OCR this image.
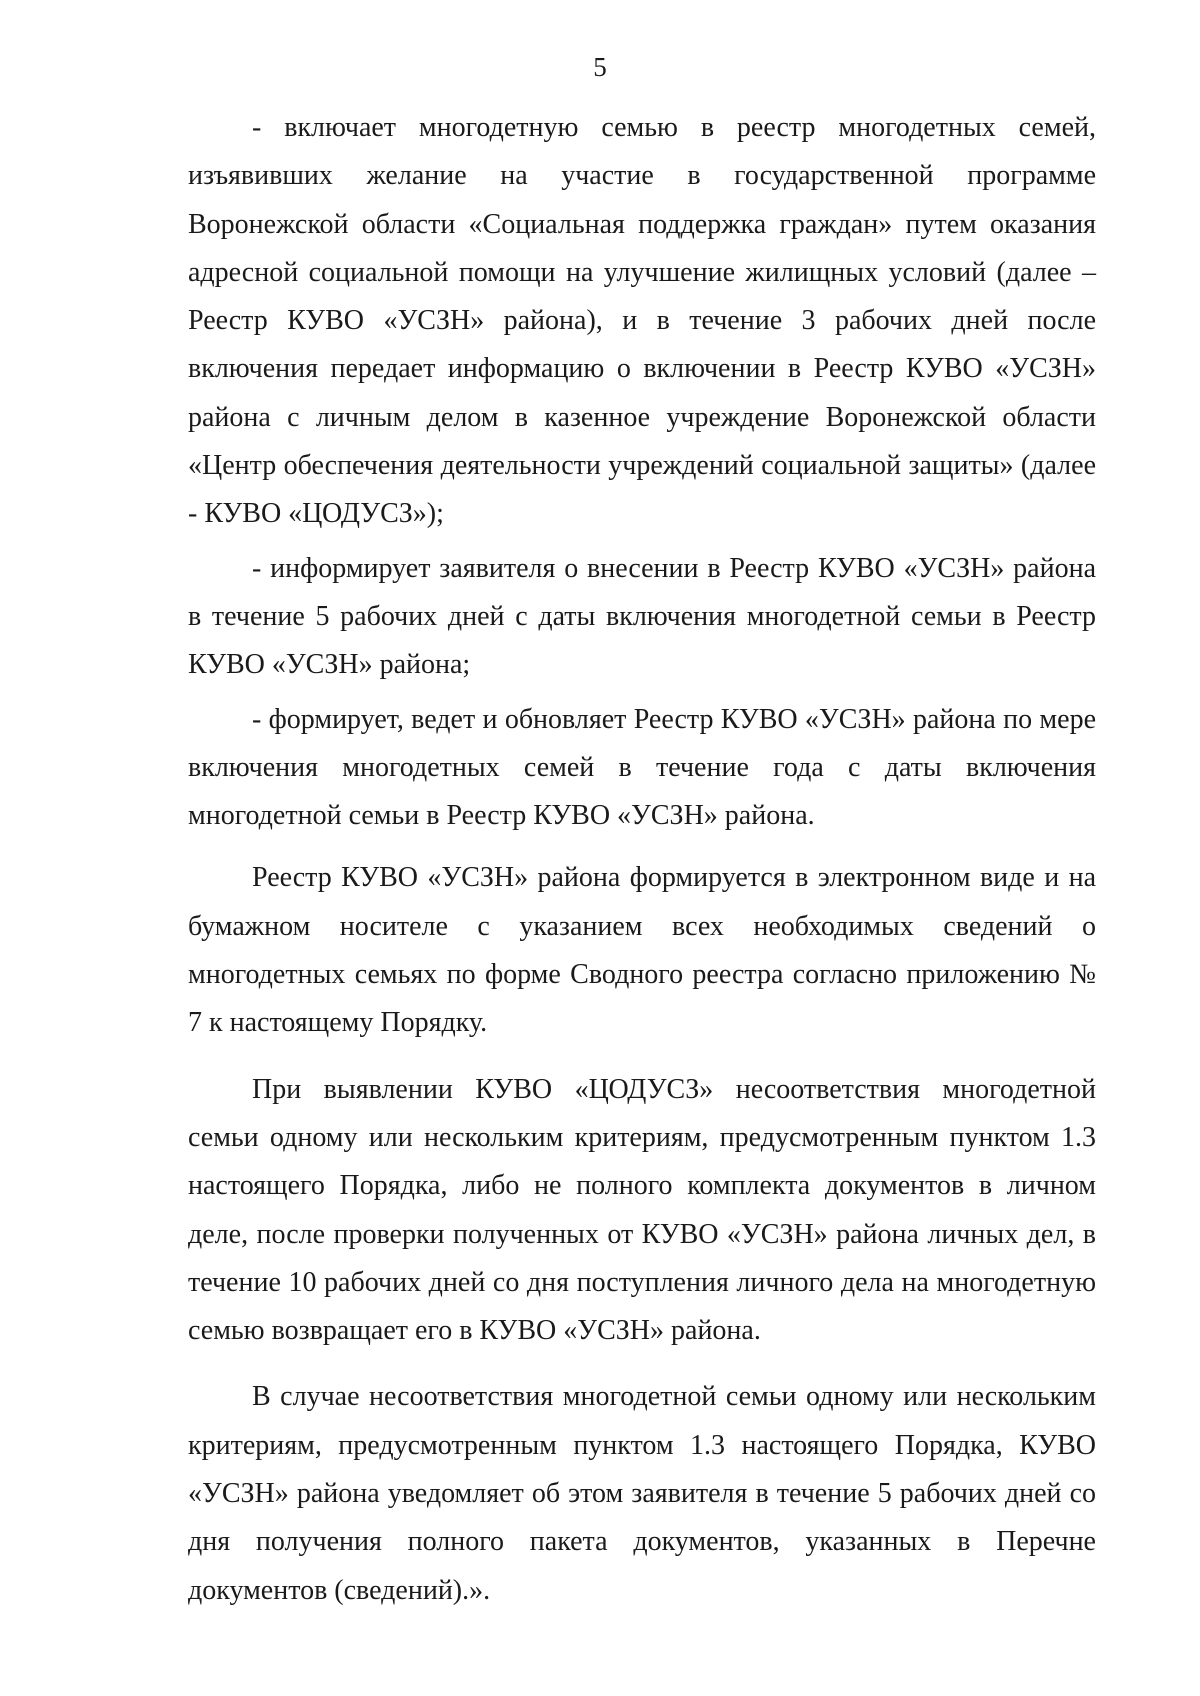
5

- включает многодетную семью в реестр многодетных семей, изъявивших желание на участие в государственной программе Воронежской области «Социальная поддержка граждан» путем оказания адресной социальной помощи на улучшение жилищных условий (далее – Реестр КУВО «УСЗН» района), и в течение 3 рабочих дней после включения передает информацию о включении в Реестр КУВО «УСЗН» района с личным делом в казенное учреждение Воронежской области «Центр обеспечения деятельности учреждений социальной защиты» (далее - КУВО «ЦОДУСЗ»);

- информирует заявителя о внесении в Реестр КУВО «УСЗН» района в течение 5 рабочих дней с даты включения многодетной семьи в Реестр КУВО «УСЗН» района;

- формирует, ведет и обновляет Реестр КУВО «УСЗН» района по мере включения многодетных семей в течение года с даты включения многодетной семьи в Реестр КУВО «УСЗН» района.

Реестр КУВО «УСЗН» района формируется в электронном виде и на бумажном носителе с указанием всех необходимых сведений о многодетных семьях по форме Сводного реестра согласно приложению № 7 к настоящему Порядку.

При выявлении КУВО «ЦОДУСЗ» несоответствия многодетной семьи одному или нескольким критериям, предусмотренным пунктом 1.3 настоящего Порядка, либо не полного комплекта документов в личном деле, после проверки полученных от КУВО «УСЗН» района личных дел, в течение 10 рабочих дней со дня поступления личного дела на многодетную семью возвращает его в КУВО «УСЗН» района.

В случае несоответствия многодетной семьи одному или нескольким критериям, предусмотренным пунктом 1.3 настоящего Порядка, КУВО «УСЗН» района уведомляет об этом заявителя в течение 5 рабочих дней со дня получения полного пакета документов, указанных в Перечне документов (сведений).».
